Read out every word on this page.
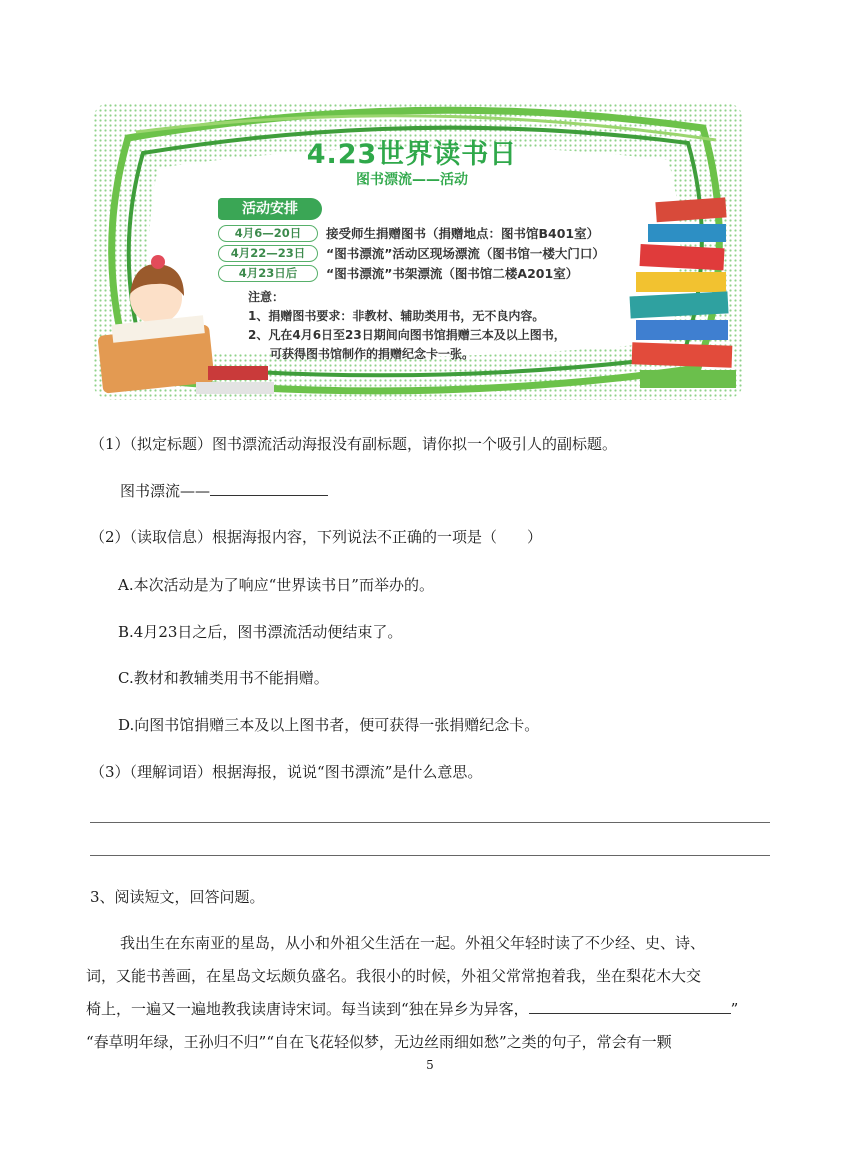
4.23世界读书日
图书漂流——活动
活动安排
4月6—20日 接受师生捐赠图书（捐赠地点：图书馆B401室）
4月22—23日 “图书漂流”活动区现场漂流（图书馆一楼大门口）
4月23日后 “图书漂流”书架漂流（图书馆二楼A201室）
注意：
1、捐赠图书要求：非教材、辅助类用书，无不良内容。
2、凡在4月6日至23日期间向图书馆捐赠三本及以上图书，
可获得图书馆制作的捐赠纪念卡一张。
（1）（拟定标题）图书漂流活动海报没有副标题，请你拟一个吸引人的副标题。
图书漂流——
（2）（读取信息）根据海报内容，下列说法不正确的一项是（　　）
A.本次活动是为了响应“世界读书日”而举办的。
B.4月23日之后，图书漂流活动便结束了。
C.教材和教辅类用书不能捐赠。
D.向图书馆捐赠三本及以上图书者，便可获得一张捐赠纪念卡。
（3）（理解词语）根据海报，说说“图书漂流”是什么意思。
3、阅读短文，回答问题。

我出生在东南亚的星岛，从小和外祖父生活在一起。外祖父年轻时读了不少经、史、诗、

词，又能书善画，在星岛文坛颇负盛名。我很小的时候，外祖父常常抱着我，坐在梨花木大交

椅上，一遍又一遍地教我读唐诗宋词。每当读到“独在异乡为异客，	”

“春草明年绿，王孙归不归”“自在飞花轻似梦，无边丝雨细如愁”之类的句子，常会有一颗

5
